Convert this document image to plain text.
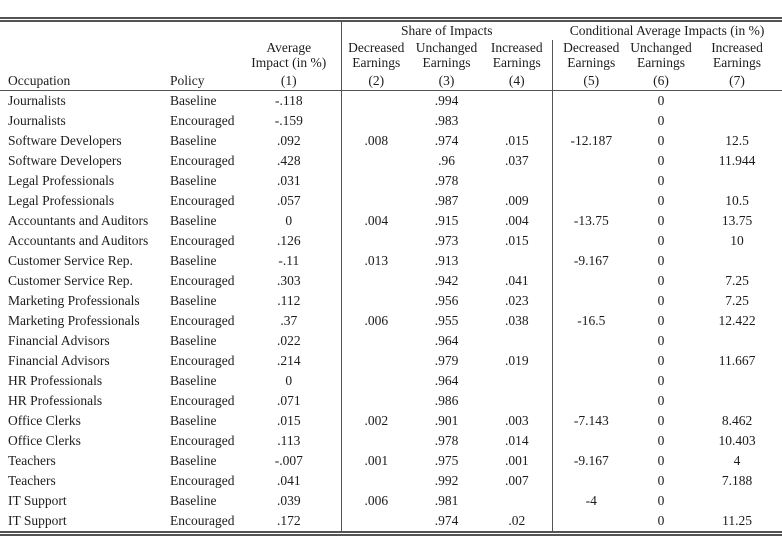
			Share of Impacts			Conditional Average Impacts (in %)		

Average
Impact (in %)

Decreased
Earnings

Unchanged
Earnings

Increased
Earnings

Decreased
Earnings

Unchanged
Earnings

Increased
Earnings

Occupation	Policy	(1)	(2)	(3)	(4)	(5)	(6)	(7)
Journalists	Baseline	-.118		.994			0	
Journalists	Encouraged	-.159		.983			0	
Software Developers	Baseline	.092	.008	.974	.015	-12.187	0	12.5
Software Developers	Encouraged	.428		.96	.037		0	11.944
Legal Professionals	Baseline	.031		.978			0	
Legal Professionals	Encouraged	.057		.987	.009		0	10.5
Accountants and Auditors	Baseline	0	.004	.915	.004	-13.75	0	13.75
Accountants and Auditors	Encouraged	.126		.973	.015		0	10
Customer Service Rep.	Baseline	-.11	.013	.913		-9.167	0	
Customer Service Rep.	Encouraged	.303		.942	.041		0	7.25
Marketing Professionals	Baseline	.112		.956	.023		0	7.25
Marketing Professionals	Encouraged	.37	.006	.955	.038	-16.5	0	12.422
Financial Advisors	Baseline	.022		.964			0	
Financial Advisors	Encouraged	.214		.979	.019		0	11.667
HR Professionals	Baseline	0		.964			0	
HR Professionals	Encouraged	.071		.986			0	
Office Clerks	Baseline	.015	.002	.901	.003	-7.143	0	8.462
Office Clerks	Encouraged	.113		.978	.014		0	10.403
Teachers	Baseline	-.007	.001	.975	.001	-9.167	0	4
Teachers	Encouraged	.041		.992	.007		0	7.188
IT Support	Baseline	.039	.006	.981		-4	0	
IT Support	Encouraged	.172		.974	.02		0	11.25
